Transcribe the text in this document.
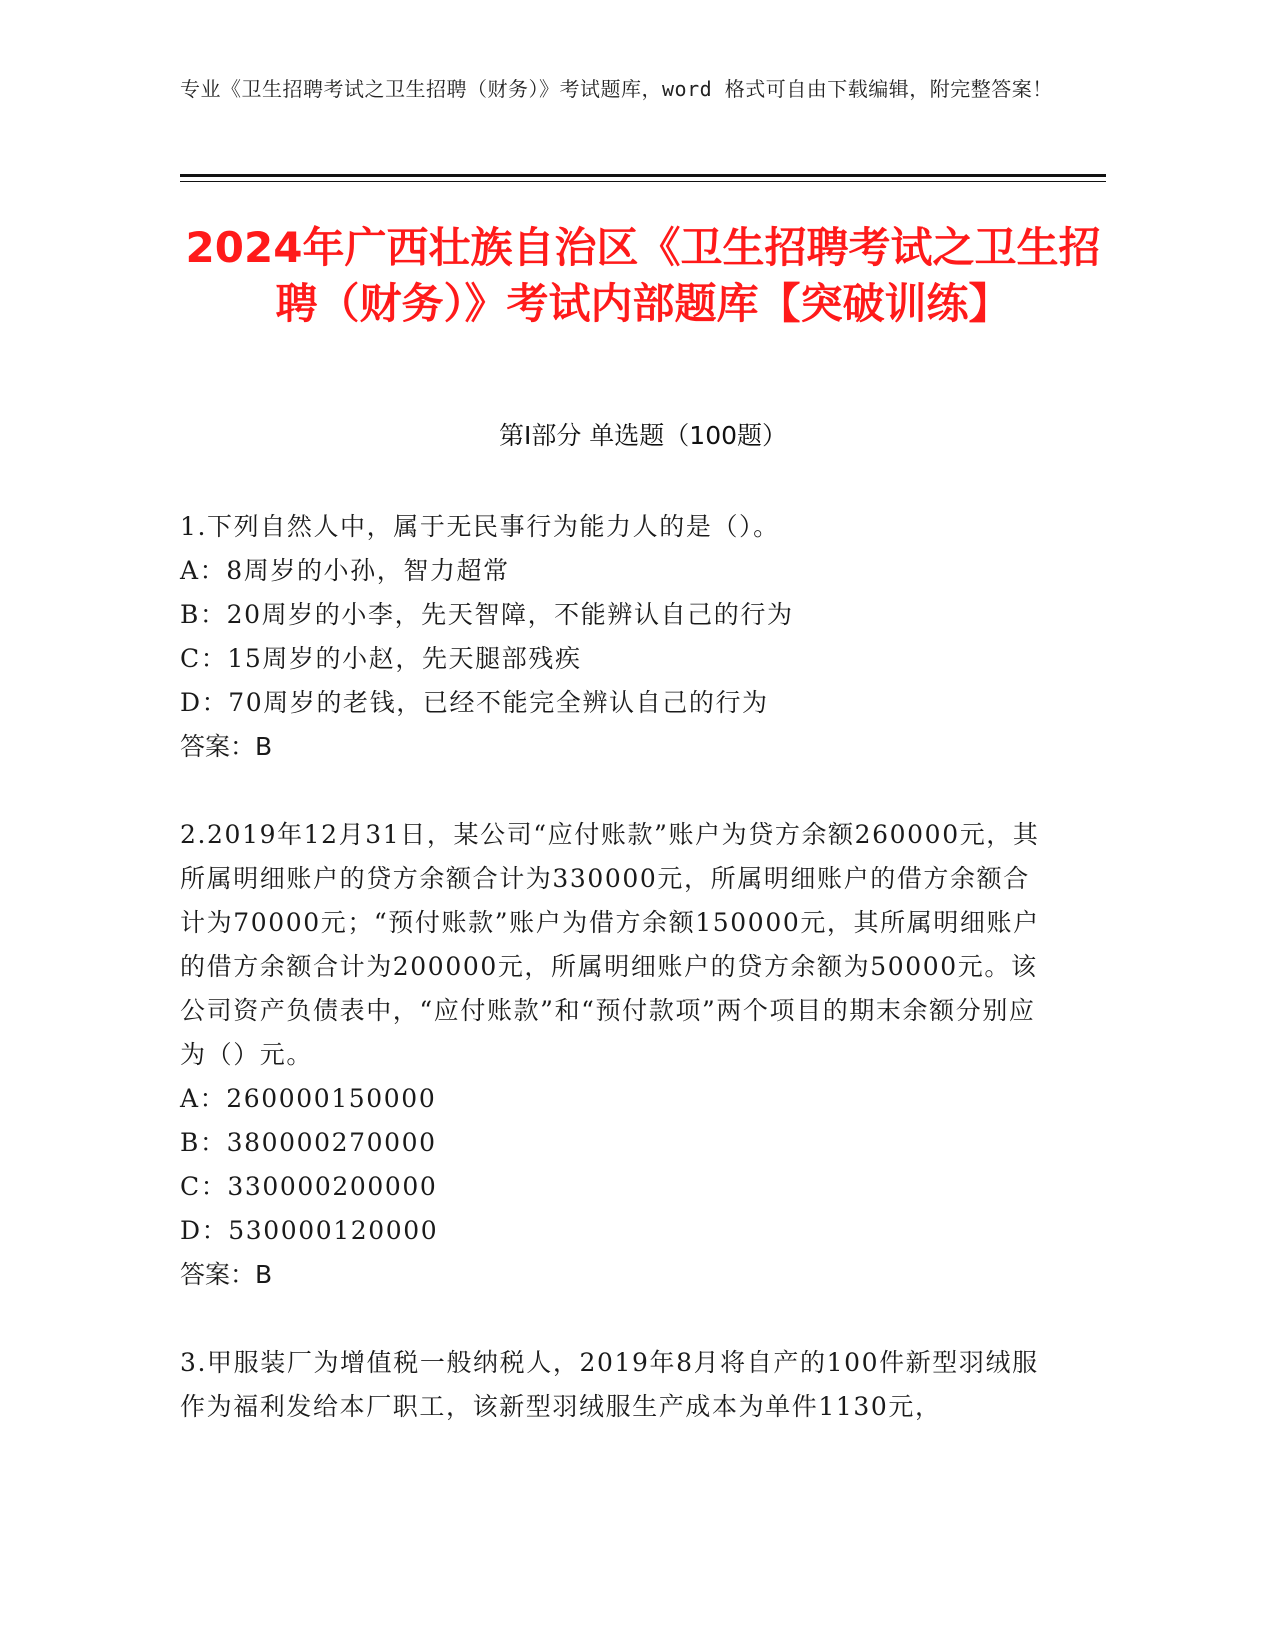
专业《卫生招聘考试之卫生招聘（财务）》考试题库，word 格式可自由下载编辑，附完整答案！
2024年广西壮族自治区《卫生招聘考试之卫生招聘（财务）》考试内部题库【突破训练】
第Ⅰ部分 单选题（100题）
1.下列自然人中，属于无民事行为能力人的是（）。
A：8周岁的小孙，智力超常
B：20周岁的小李，先天智障，不能辨认自己的行为
C：15周岁的小赵，先天腿部残疾
D：70周岁的老钱，已经不能完全辨认自己的行为
答案：B
2.2019年12月31日，某公司“应付账款”账户为贷方余额260000元，其所属明细账户的贷方余额合计为330000元，所属明细账户的借方余额合计为70000元；“预付账款”账户为借方余额150000元，其所属明细账户的借方余额合计为200000元，所属明细账户的贷方余额为50000元。该公司资产负债表中，“应付账款”和“预付款项”两个项目的期末余额分别应为（）元。
A：260000150000
B：380000270000
C：330000200000
D：530000120000
答案：B
3.甲服装厂为增值税一般纳税人，2019年8月将自产的100件新型羽绒服作为福利发给本厂职工，该新型羽绒服生产成本为单件1130元，
